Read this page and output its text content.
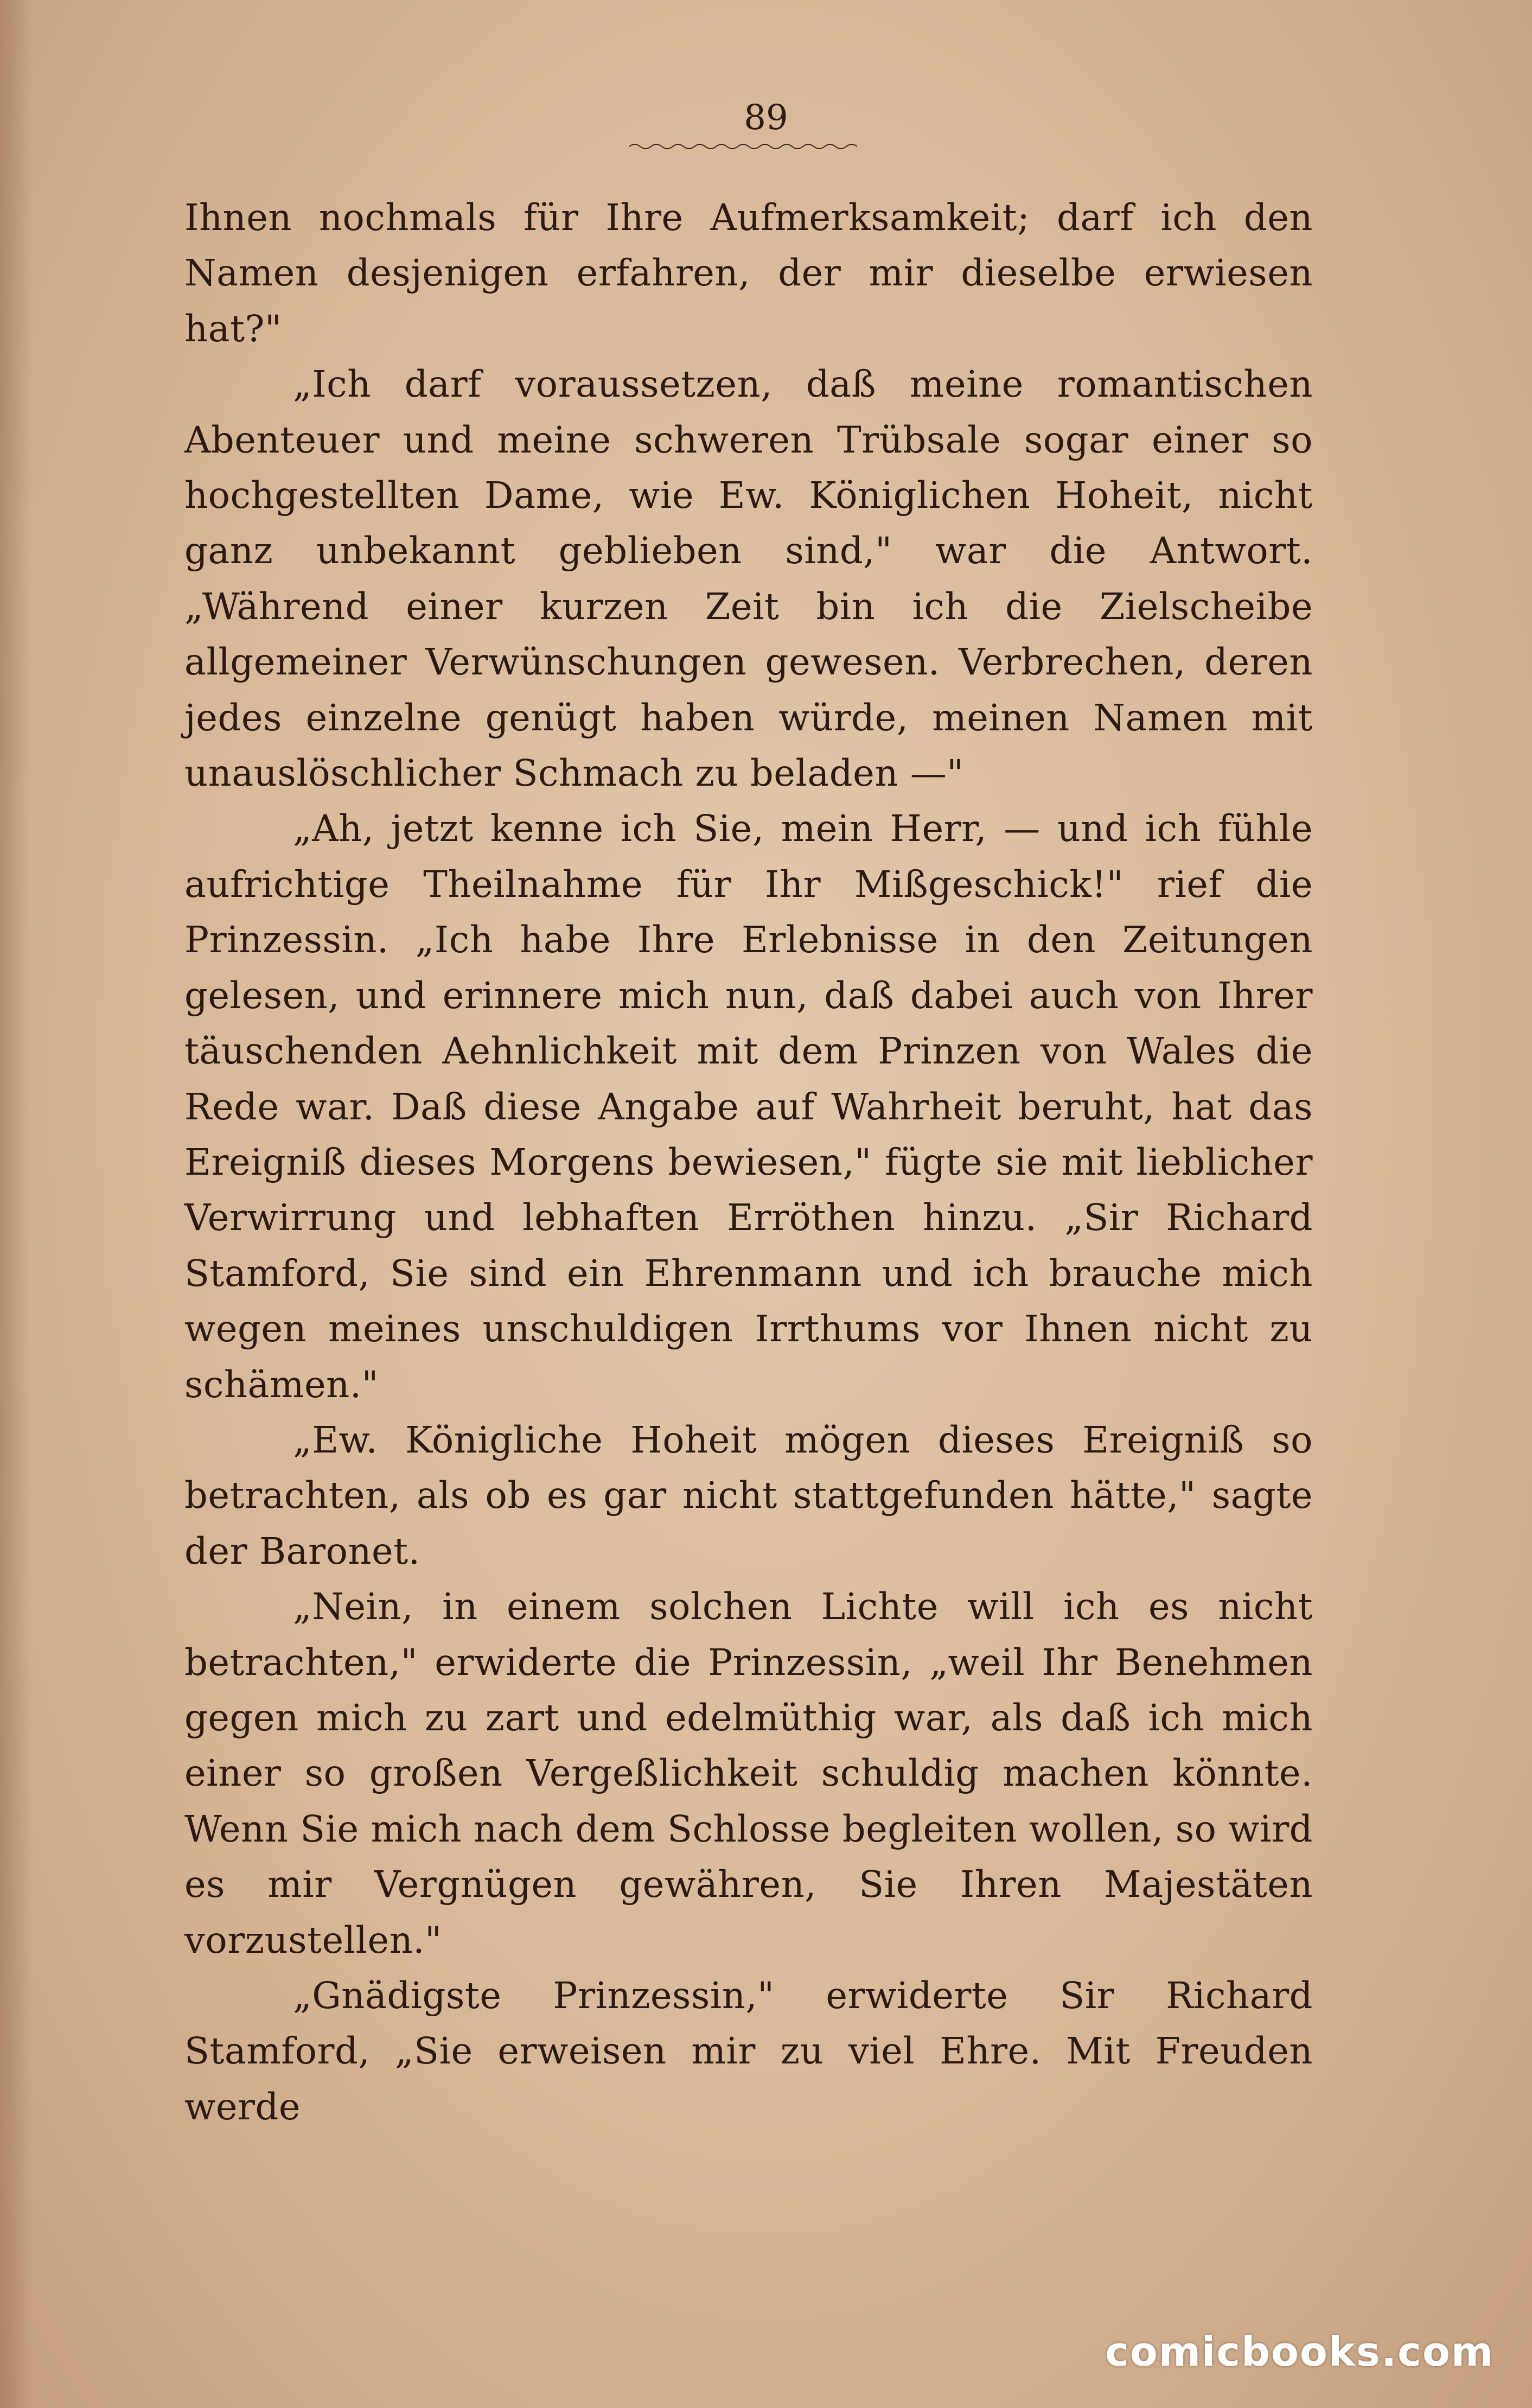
89

Ihnen nochmals für Ihre Aufmerksamkeit; darf ich den Namen desjenigen erfahren, der mir dieselbe erwiesen hat?"

„Ich darf voraussetzen, daß meine romantischen Abenteuer und meine schweren Trübsale sogar einer so hochgestellten Dame, wie Ew. Königlichen Hoheit, nicht ganz unbekannt geblieben sind," war die Antwort. „Während einer kurzen Zeit bin ich die Zielscheibe allgemeiner Verwünschungen gewesen. Verbrechen, deren jedes einzelne genügt haben würde, meinen Namen mit unauslöschlicher Schmach zu beladen —"

„Ah, jetzt kenne ich Sie, mein Herr, — und ich fühle aufrichtige Theilnahme für Ihr Mißgeschick!" rief die Prinzessin. „Ich habe Ihre Erlebnisse in den Zeitungen gelesen, und erinnere mich nun, daß dabei auch von Ihrer täuschenden Aehnlichkeit mit dem Prinzen von Wales die Rede war. Daß diese Angabe auf Wahrheit beruht, hat das Ereigniß dieses Morgens bewiesen," fügte sie mit lieblicher Verwirrung und lebhaften Erröthen hinzu. „Sir Richard Stamford, Sie sind ein Ehrenmann und ich brauche mich wegen meines unschuldigen Irrthums vor Ihnen nicht zu schämen."

„Ew. Königliche Hoheit mögen dieses Ereigniß so betrachten, als ob es gar nicht stattgefunden hätte," sagte der Baronet.

„Nein, in einem solchen Lichte will ich es nicht betrachten," erwiderte die Prinzessin, „weil Ihr Benehmen gegen mich zu zart und edelmüthig war, als daß ich mich einer so großen Vergeßlichkeit schuldig machen könnte. Wenn Sie mich nach dem Schlosse begleiten wollen, so wird es mir Vergnügen gewähren, Sie Ihren Majestäten vorzustellen."

„Gnädigste Prinzessin," erwiderte Sir Richard Stamford, „Sie erweisen mir zu viel Ehre. Mit Freuden werde

comicbooks.com
